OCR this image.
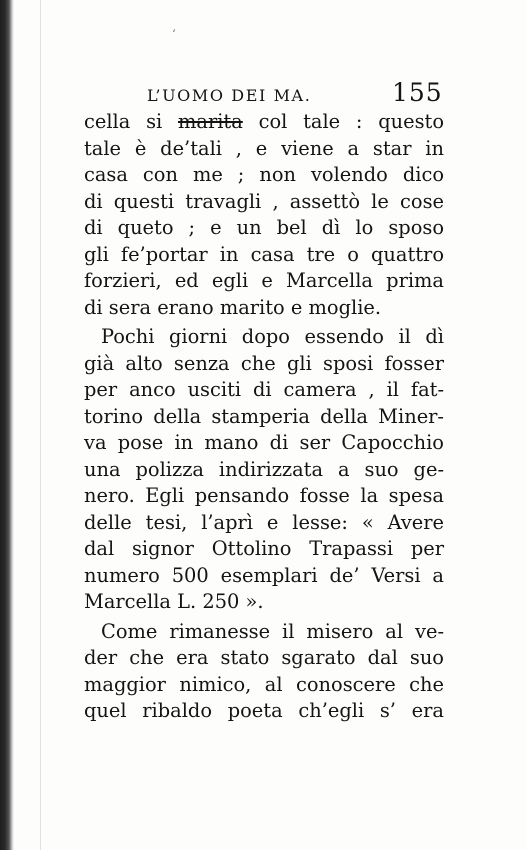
ʻ
L’UOMO DEI MA.	155
cella si marita col tale : questo
tale è de’tali , e viene a star in
casa con me ; non volendo dico
di questi travagli , assettò le cose
di queto ; e un bel dì lo sposo
gli fe’portar in casa tre o quattro
forzieri, ed egli e Marcella prima
di sera erano marito e moglie.
Pochi giorni dopo essendo il dì
già alto senza che gli sposi fosser
per anco usciti di camera , il fat-
torino della stamperia della Miner-
va pose in mano di ser Capocchio
una polizza indirizzata a suo ge-
nero. Egli pensando fosse la spesa
delle tesi, l’aprì e lesse: « Avere
dal signor Ottolino Trapassi per
numero 500 esemplari de’ Versi a
Marcella L. 250 ».
Come rimanesse il misero al ve-
der che era stato sgarato dal suo
maggior nimico, al conoscere che
quel ribaldo poeta ch’egli s’ era
